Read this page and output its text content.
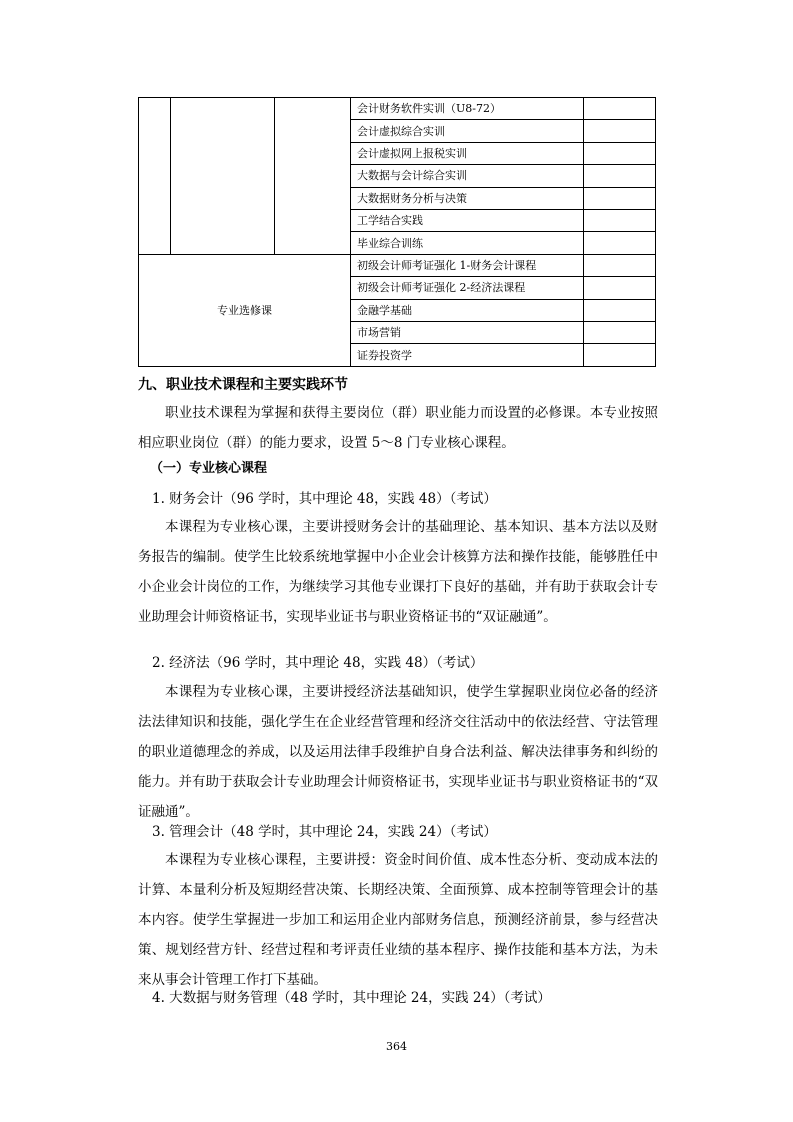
			会计财务软件实训（U8-72）	
			会计虚拟综合实训	
			会计虚拟网上报税实训	
			大数据与会计综合实训	
			大数据财务分析与决策	
			工学结合实践	
			毕业综合训练	
专业选修课			初级会计师考证强化 1-财务会计课程	
			初级会计师考证强化 2-经济法课程	
			金融学基础	
			市场营销	
			证券投资学	
九、职业技术课程和主要实践环节

职业技术课程为掌握和获得主要岗位（群）职业能力而设置的必修课。本专业按照相应职业岗位（群）的能力要求，设置 5～8 门专业核心课程。

（一）专业核心课程

1. 财务会计（96 学时，其中理论 48，实践 48）（考试）

本课程为专业核心课，主要讲授财务会计的基础理论、基本知识、基本方法以及财务报告的编制。使学生比较系统地掌握中小企业会计核算方法和操作技能，能够胜任中小企业会计岗位的工作，为继续学习其他专业课打下良好的基础，并有助于获取会计专业助理会计师资格证书，实现毕业证书与职业资格证书的“双证融通”。

2. 经济法（96 学时，其中理论 48，实践 48）（考试）

本课程为专业核心课，主要讲授经济法基础知识，使学生掌握职业岗位必备的经济法法律知识和技能，强化学生在企业经营管理和经济交往活动中的依法经营、守法管理的职业道德理念的养成，以及运用法律手段维护自身合法利益、解决法律事务和纠纷的能力。并有助于获取会计专业助理会计师资格证书，实现毕业证书与职业资格证书的“双证融通”。

3. 管理会计（48 学时，其中理论 24，实践 24）（考试）

本课程为专业核心课程，主要讲授：资金时间价值、成本性态分析、变动成本法的计算、本量利分析及短期经营决策、长期经决策、全面预算、成本控制等管理会计的基本内容。使学生掌握进一步加工和运用企业内部财务信息，预测经济前景，参与经营决策、规划经营方针、经营过程和考评责任业绩的基本程序、操作技能和基本方法，为未来从事会计管理工作打下基础。

4. 大数据与财务管理（48 学时，其中理论 24，实践 24）（考试）

364
